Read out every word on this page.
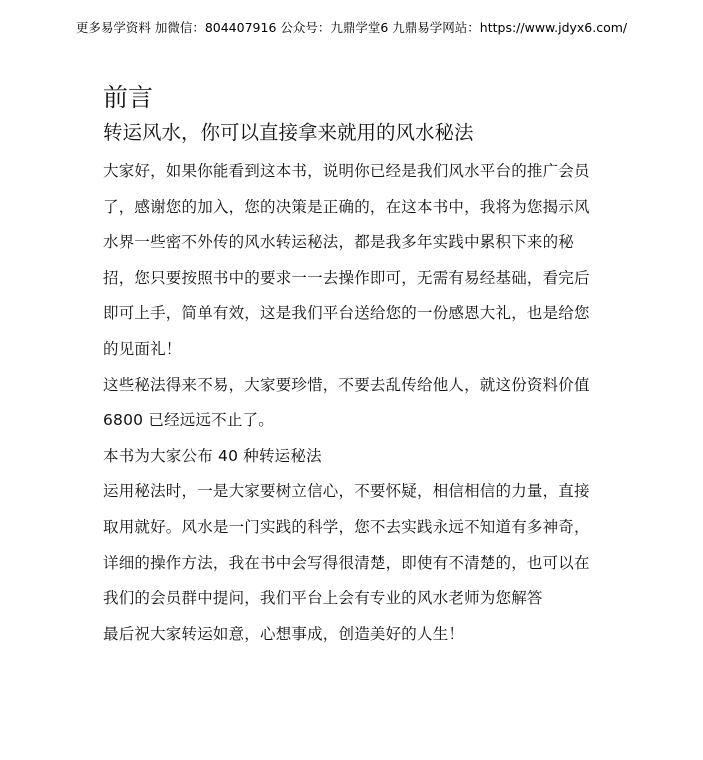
更多易学资料 加微信：804407916 公众号：九鼎学堂6 九鼎易学网站：https://www.jdyx6.com/
前言
转运风水，你可以直接拿来就用的风水秘法

大家好，如果你能看到这本书，说明你已经是我们风水平台的推广会员了，感谢您的加入，您的决策是正确的，在这本书中，我将为您揭示风水界一些密不外传的风水转运秘法，都是我多年实践中累积下来的秘招，您只要按照书中的要求一一去操作即可，无需有易经基础，看完后即可上手，简单有效，这是我们平台送给您的一份感恩大礼，也是给您的见面礼！

这些秘法得来不易，大家要珍惜，不要去乱传给他人，就这份资料价值 6800 已经远远不止了。

本书为大家公布 40 种转运秘法

运用秘法时，一是大家要树立信心，不要怀疑，相信相信的力量，直接取用就好。风水是一门实践的科学，您不去实践永远不知道有多神奇，详细的操作方法，我在书中会写得很清楚，即使有不清楚的，也可以在我们的会员群中提问，我们平台上会有专业的风水老师为您解答

最后祝大家转运如意，心想事成，创造美好的人生！
